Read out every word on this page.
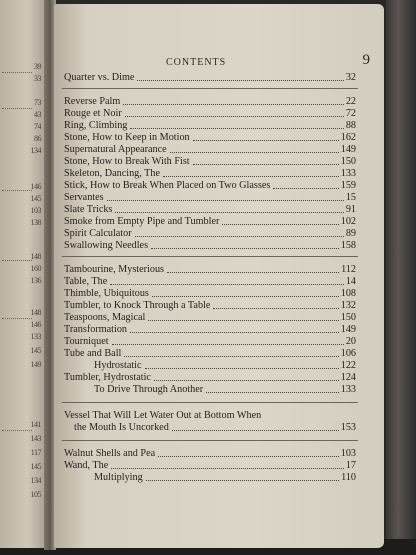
39
33
73
43
74
86
134
146
145
103
138
148
160
136
148
146
133
145
149
141
143
117
145
134
105
CONTENTS	9
Quarter vs. Dime	32
Reverse Palm	22
Rouge et Noir	72
Ring, Climbing	88
Stone, How to Keep in Motion	162
Supernatural Appearance	149
Stone, How to Break With Fist	150
Skeleton, Dancing, The	133
Stick, How to Break When Placed on Two Glasses	159
Servantes	15
Slate Tricks	91
Smoke from Empty Pipe and Tumbler	102
Spirit Calculator	89
Swallowing Needles	158
Tambourine, Mysterious	112
Table, The	14
Thimble, Ubiquitous	108
Tumbler, to Knock Through a Table	132
Teaspoons, Magical	150
Transformation	149
Tourniquet	20
Tube and Ball	106
Hydrostatic	122
Tumbler, Hydrostatic	124
To Drive Through Another	133
Vessel That Will Let Water Out at Bottom When
the Mouth Is Uncorked	153
Walnut Shells and Pea	103
Wand, The	17
Multiplying	110
